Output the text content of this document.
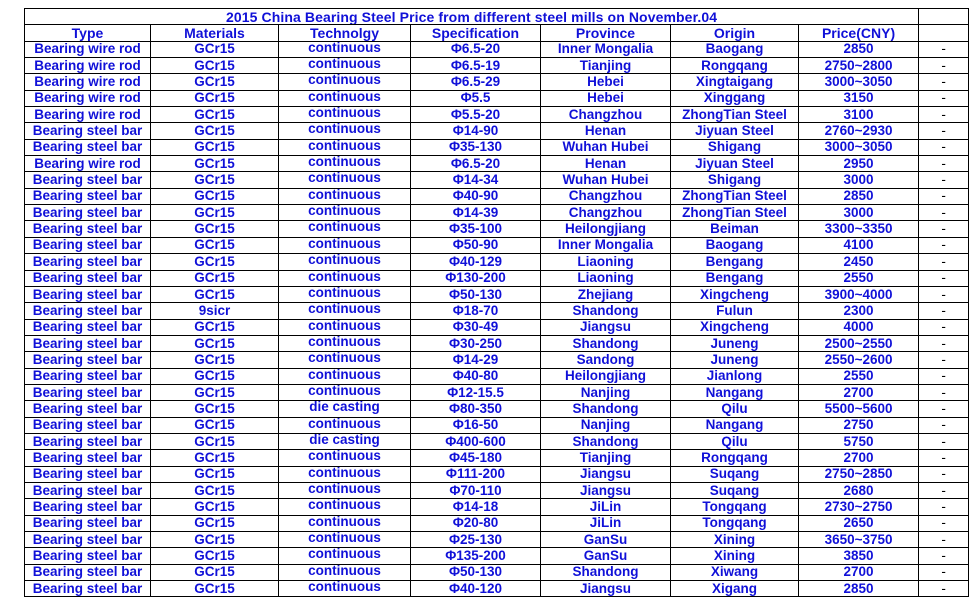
2015 China Bearing Steel Price from different steel mills on November.04							
Type	Materials	Technolgy	Specification	Province	Origin	Price(CNY)	
Bearing wire rod	GCr15	continuous	Φ6.5-20	Inner Mongalia	Baogang	2850	-
Bearing wire rod	GCr15	continuous	Φ6.5-19	Tianjing	Rongqang	2750~2800	-
Bearing wire rod	GCr15	continuous	Φ6.5-29	Hebei	Xingtaigang	3000~3050	-
Bearing wire rod	GCr15	continuous	Φ5.5	Hebei	Xinggang	3150	-
Bearing wire rod	GCr15	continuous	Φ5.5-20	Changzhou	ZhongTian Steel	3100	-
Bearing steel bar	GCr15	continuous	Φ14-90	Henan	Jiyuan Steel	2760~2930	-
Bearing steel bar	GCr15	continuous	Φ35-130	Wuhan Hubei	Shigang	3000~3050	-
Bearing wire rod	GCr15	continuous	Φ6.5-20	Henan	Jiyuan Steel	2950	-
Bearing steel bar	GCr15	continuous	Φ14-34	Wuhan Hubei	Shigang	3000	-
Bearing steel bar	GCr15	continuous	Φ40-90	Changzhou	ZhongTian Steel	2850	-
Bearing steel bar	GCr15	continuous	Φ14-39	Changzhou	ZhongTian Steel	3000	-
Bearing steel bar	GCr15	continuous	Φ35-100	Heilongjiang	Beiman	3300~3350	-
Bearing steel bar	GCr15	continuous	Φ50-90	Inner Mongalia	Baogang	4100	-
Bearing steel bar	GCr15	continuous	Φ40-129	Liaoning	Bengang	2450	-
Bearing steel bar	GCr15	continuous	Φ130-200	Liaoning	Bengang	2550	-
Bearing steel bar	GCr15	continuous	Φ50-130	Zhejiang	Xingcheng	3900~4000	-
Bearing steel bar	9sicr	continuous	Φ18-70	Shandong	Fulun	2300	-
Bearing steel bar	GCr15	continuous	Φ30-49	Jiangsu	Xingcheng	4000	-
Bearing steel bar	GCr15	continuous	Φ30-250	Shandong	Juneng	2500~2550	-
Bearing steel bar	GCr15	continuous	Φ14-29	Sandong	Juneng	2550~2600	-
Bearing steel bar	GCr15	continuous	Φ40-80	Heilongjiang	Jianlong	2550	-
Bearing steel bar	GCr15	continuous	Φ12-15.5	Nanjing	Nangang	2700	-
Bearing steel bar	GCr15	die casting	Φ80-350	Shandong	Qilu	5500~5600	-
Bearing steel bar	GCr15	continuous	Φ16-50	Nanjing	Nangang	2750	-
Bearing steel bar	GCr15	die casting	Φ400-600	Shandong	Qilu	5750	-
Bearing steel bar	GCr15	continuous	Φ45-180	Tianjing	Rongqang	2700	-
Bearing steel bar	GCr15	continuous	Φ111-200	Jiangsu	Suqang	2750~2850	-
Bearing steel bar	GCr15	continuous	Φ70-110	Jiangsu	Suqang	2680	-
Bearing steel bar	GCr15	continuous	Φ14-18	JiLin	Tongqang	2730~2750	-
Bearing steel bar	GCr15	continuous	Φ20-80	JiLin	Tongqang	2650	-
Bearing steel bar	GCr15	continuous	Φ25-130	GanSu	Xining	3650~3750	-
Bearing steel bar	GCr15	continuous	Φ135-200	GanSu	Xining	3850	-
Bearing steel bar	GCr15	continuous	Φ50-130	Shandong	Xiwang	2700	-
Bearing steel bar	GCr15	continuous	Φ40-120	Jiangsu	Xigang	2850	-
